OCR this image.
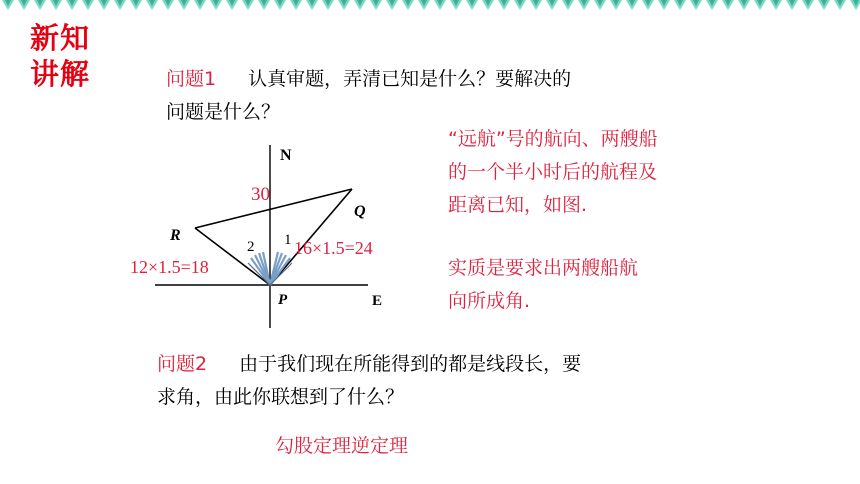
新知
讲解	问题1 认真审题，弄清已知是什么？要解决的
问题是什么？
“远航”号的航向、两艘船
的一个半小时后的航程及
距离已知，如图.
实质是要求出两艘船航
向所成角.
N
E
P
R
Q
30
1
2
12×1.5=18
16×1.5=24
问题2 由于我们现在所能得到的都是线段长，要
求角，由此你联想到了什么？
勾股定理逆定理
